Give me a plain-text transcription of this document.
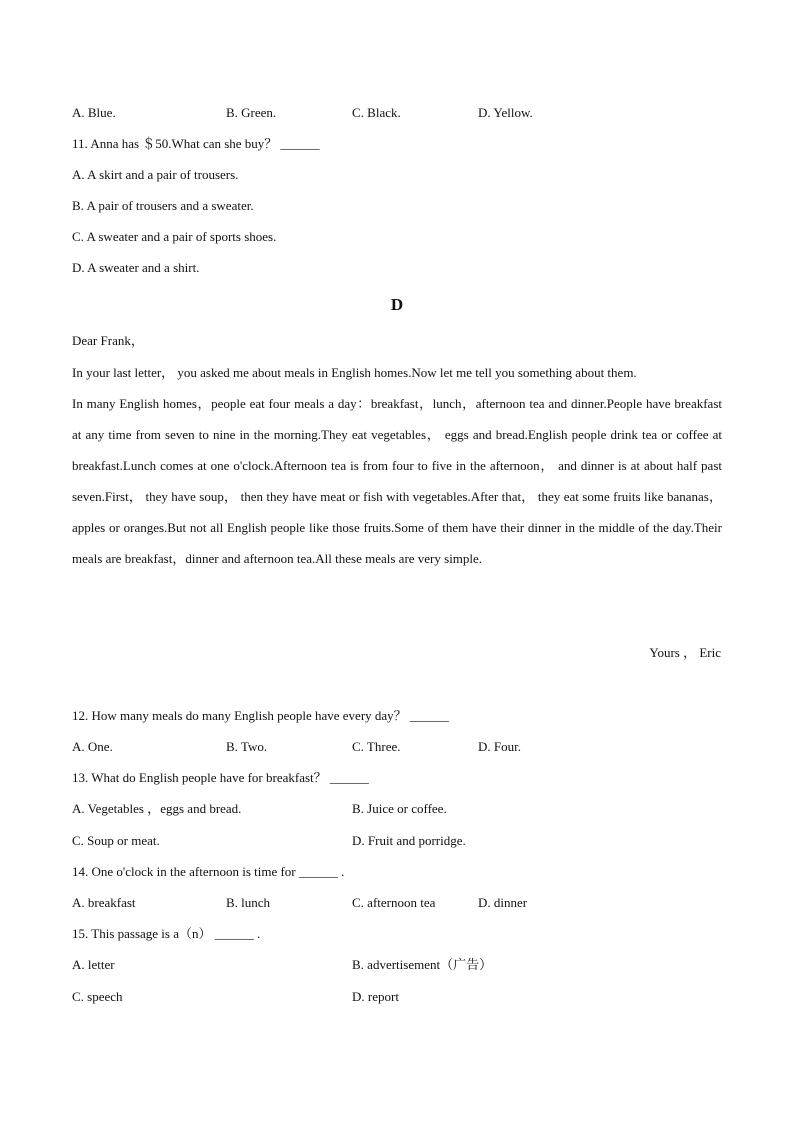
A. Blue.	B. Green.	C. Black.	D. Yellow.
11. Anna has ＄50.What can she buy？ ______
A. A skirt and a pair of trousers.
B. A pair of trousers and a sweater.
C. A sweater and a pair of sports shoes.
D. A sweater and a shirt.
D
Dear Frank，
In your last letter， you asked me about meals in English homes.Now let me tell you something about them.
In many English homes，people eat four meals a day：breakfast，lunch，afternoon tea and dinner.People have breakfast at any time from seven to nine in the morning.They eat vegetables， eggs and bread.English people drink tea or coffee at breakfast.Lunch comes at one o'clock.Afternoon tea is from four to five in the afternoon， and dinner is at about half past seven.First， they have soup， then they have meat or fish with vegetables.After that， they eat some fruits like bananas， apples or oranges.But not all English people like those fruits.Some of them have their dinner in the middle of the day.Their meals are breakfast，dinner and afternoon tea.All these meals are very simple.
Yours ， Eric
12. How many meals do many English people have every day？ ______
A. One.	B. Two.	C. Three.	D. Four.
13. What do English people have for breakfast？ ______
A. Vegetables ，eggs and bread.	B. Juice or coffee.
C. Soup or meat.	D. Fruit and porridge.
14. One o'clock in the afternoon is time for ______ .
A. breakfast	B. lunch	C. afternoon tea	D. dinner
15. This passage is a（n） ______ .
A. letter	B. advertisement（广告）
C. speech	D. report
